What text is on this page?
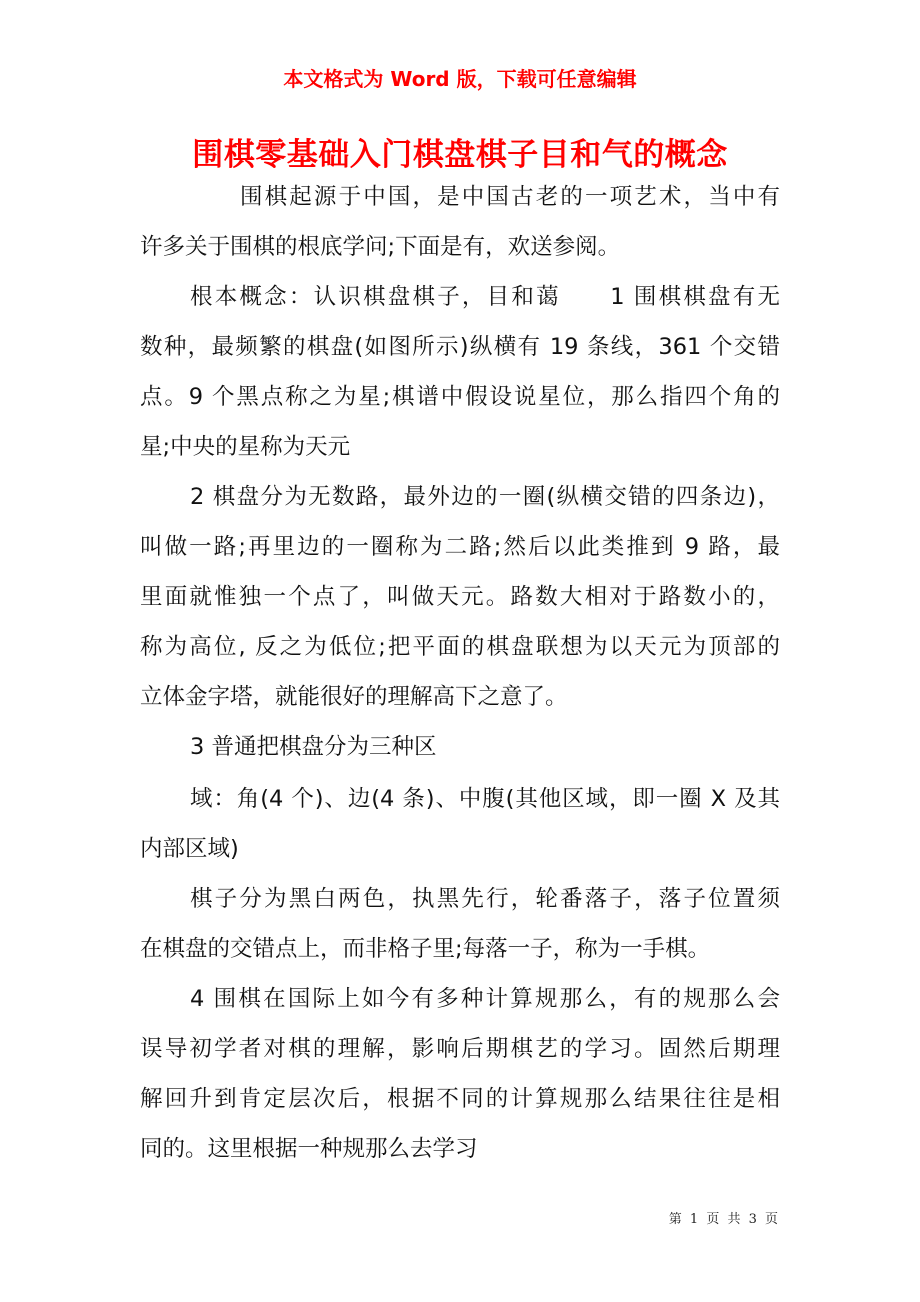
本文格式为 Word 版，下载可任意编辑
围棋零基础入门棋盘棋子目和气的概念
围棋起源于中国，是中国古老的一项艺术，当中有
许多关于围棋的根底学问;下面是有，欢送参阅。
根本概念：认识棋盘棋子，目和蔼　　1 围棋棋盘有无
数种，最频繁的棋盘(如图所示)纵横有 19 条线，361 个交错
点。9 个黑点称之为星;棋谱中假设说星位，那么指四个角的
星;中央的星称为天元
2 棋盘分为无数路，最外边的一圈(纵横交错的四条边)，
叫做一路;再里边的一圈称为二路;然后以此类推到 9 路，最
里面就惟独一个点了，叫做天元。路数大相对于路数小的，
称为高位, 反之为低位;把平面的棋盘联想为以天元为顶部的
立体金字塔，就能很好的理解高下之意了。
3 普通把棋盘分为三种区
域：角(4 个)、边(4 条)、中腹(其他区域，即一圈 X 及其
内部区域)
棋子分为黑白两色，执黑先行，轮番落子，落子位置须
在棋盘的交错点上，而非格子里;每落一子，称为一手棋。
4 围棋在国际上如今有多种计算规那么，有的规那么会
误导初学者对棋的理解，影响后期棋艺的学习。固然后期理
解回升到肯定层次后，根据不同的计算规那么结果往往是相
同的。这里根据一种规那么去学习
第 1 页 共 3 页
